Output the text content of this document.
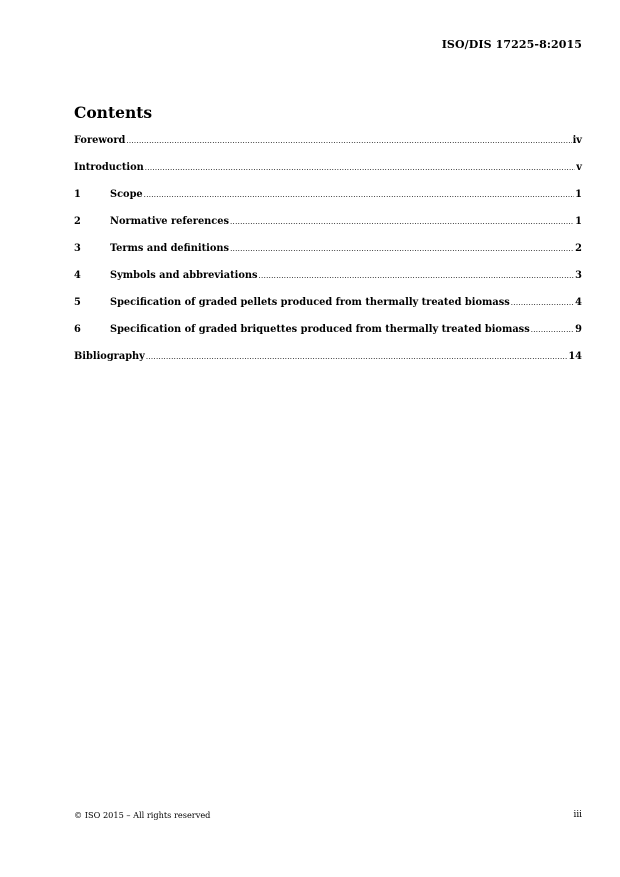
ISO/DIS 17225-8:2015
Contents
Foreword .....	iv
Introduction .....	v
1	Scope .....	1
2	Normative references .....	1
3	Terms and definitions .....	2
4	Symbols and abbreviations .....	3
5	Specification of graded pellets produced from thermally treated biomass .....	4
6	Specification of graded briquettes produced from thermally treated biomass .....	9
Bibliography .....	14
© ISO 2015 – All rights reserved	iii
